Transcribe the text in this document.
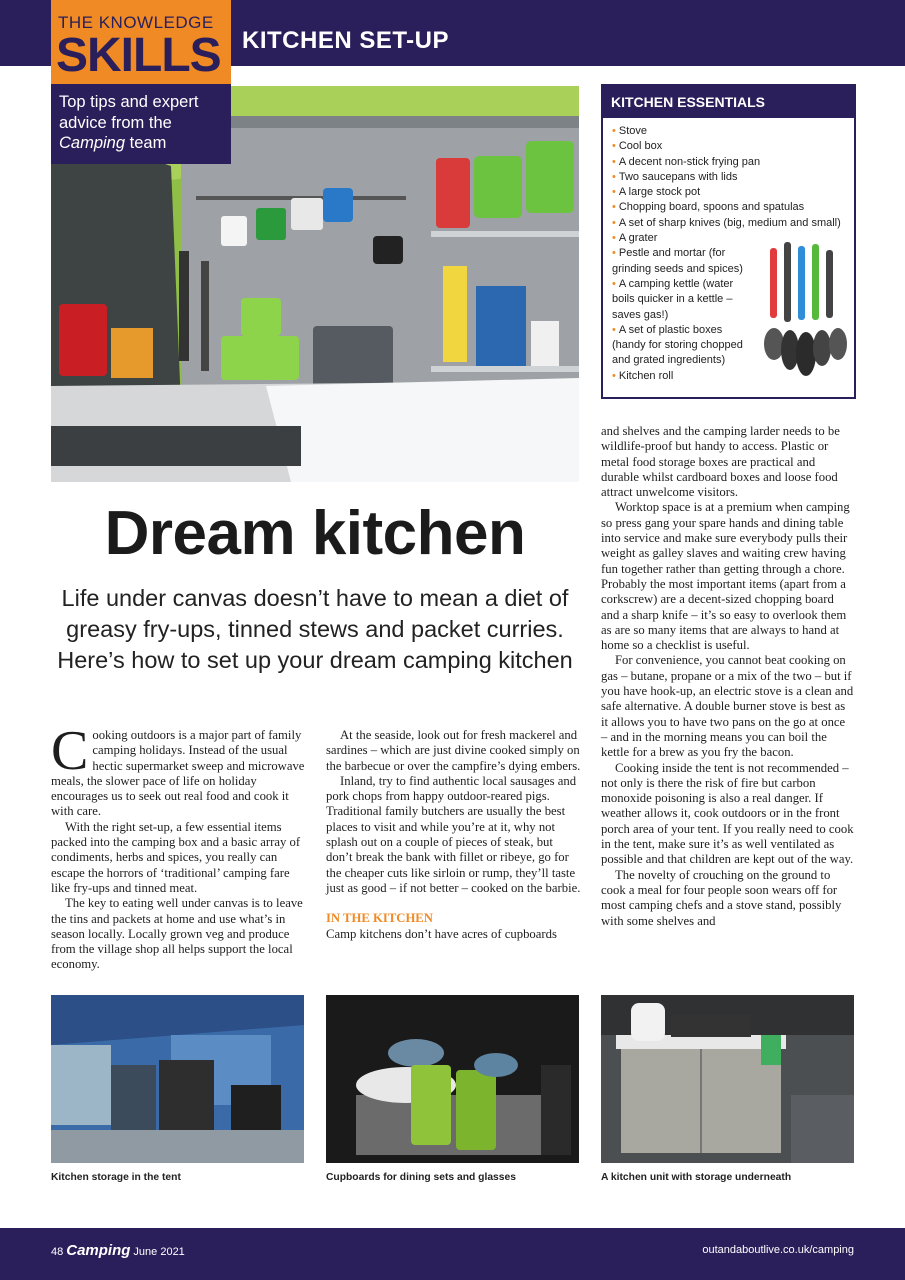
KITCHEN SET-UP
THE KNOWLEDGE
SKILLS
Top tips and expert
advice from the
Camping team
KITCHEN ESSENTIALS
• Stove
• Cool box
• A decent non-stick frying pan
• Two saucepans with lids
• A large stock pot
• Chopping board, spoons and spatulas
• A set of sharp knives (big, medium and small)
• A grater
• Pestle and mortar (for grinding seeds and spices)
• A camping kettle (water boils quicker in a kettle – saves gas!)
• A set of plastic boxes (handy for storing chopped and grated ingredients)
• Kitchen roll
Dream kitchen
Life under canvas doesn’t have to mean a diet of greasy fry-ups, tinned stews and packet curries. Here’s how to set up your dream camping kitchen

Cooking outdoors is a major part of family camping holidays. Instead of the usual hectic supermarket sweep and microwave meals, the slower pace of life on holiday encourages us to seek out real food and cook it with care.

With the right set-up, a few essential items packed into the camping box and a basic array of condiments, herbs and spices, you really can escape the horrors of ‘traditional’ camping fare like fry-ups and tinned meat.

The key to eating well under canvas is to leave the tins and packets at home and use what’s in season locally. Locally grown veg and produce from the village shop all helps support the local economy.

At the seaside, look out for fresh mackerel and sardines – which are just divine cooked simply on the barbecue or over the campfire’s dying embers.

Inland, try to find authentic local sausages and pork chops from happy outdoor-reared pigs. Traditional family butchers are usually the best places to visit and while you’re at it, why not splash out on a couple of pieces of steak, but don’t break the bank with fillet or ribeye, go for the cheaper cuts like sirloin or rump, they’ll taste just as good – if not better – cooked on the barbie.

IN THE KITCHEN

Camp kitchens don’t have acres of cupboards

and shelves and the camping larder needs to be wildlife-proof but handy to access. Plastic or metal food storage boxes are practical and durable whilst cardboard boxes and loose food attract unwelcome visitors.

Worktop space is at a premium when camping so press gang your spare hands and dining table into service and make sure everybody pulls their weight as galley slaves and waiting crew having fun together rather than getting through a chore. Probably the most important items (apart from a corkscrew) are a decent-sized chopping board and a sharp knife – it’s so easy to overlook them as are so many items that are always to hand at home so a checklist is useful.

For convenience, you cannot beat cooking on gas – butane, propane or a mix of the two – but if you have hook-up, an electric stove is a clean and safe alternative. A double burner stove is best as it allows you to have two pans on the go at once – and in the morning means you can boil the kettle for a brew as you fry the bacon.

Cooking inside the tent is not recommended – not only is there the risk of fire but carbon monoxide poisoning is also a real danger. If weather allows it, cook outdoors or in the front porch area of your tent. If you really need to cook in the tent, make sure it’s as well ventilated as possible and that children are kept out of the way.

The novelty of crouching on the ground to cook a meal for four people soon wears off for most camping chefs and a stove stand, possibly with some shelves and

Kitchen storage in the tent	Cupboards for dining sets and glasses	A kitchen unit with storage underneath
48 Camping June 2021	outandaboutlive.co.uk/camping
